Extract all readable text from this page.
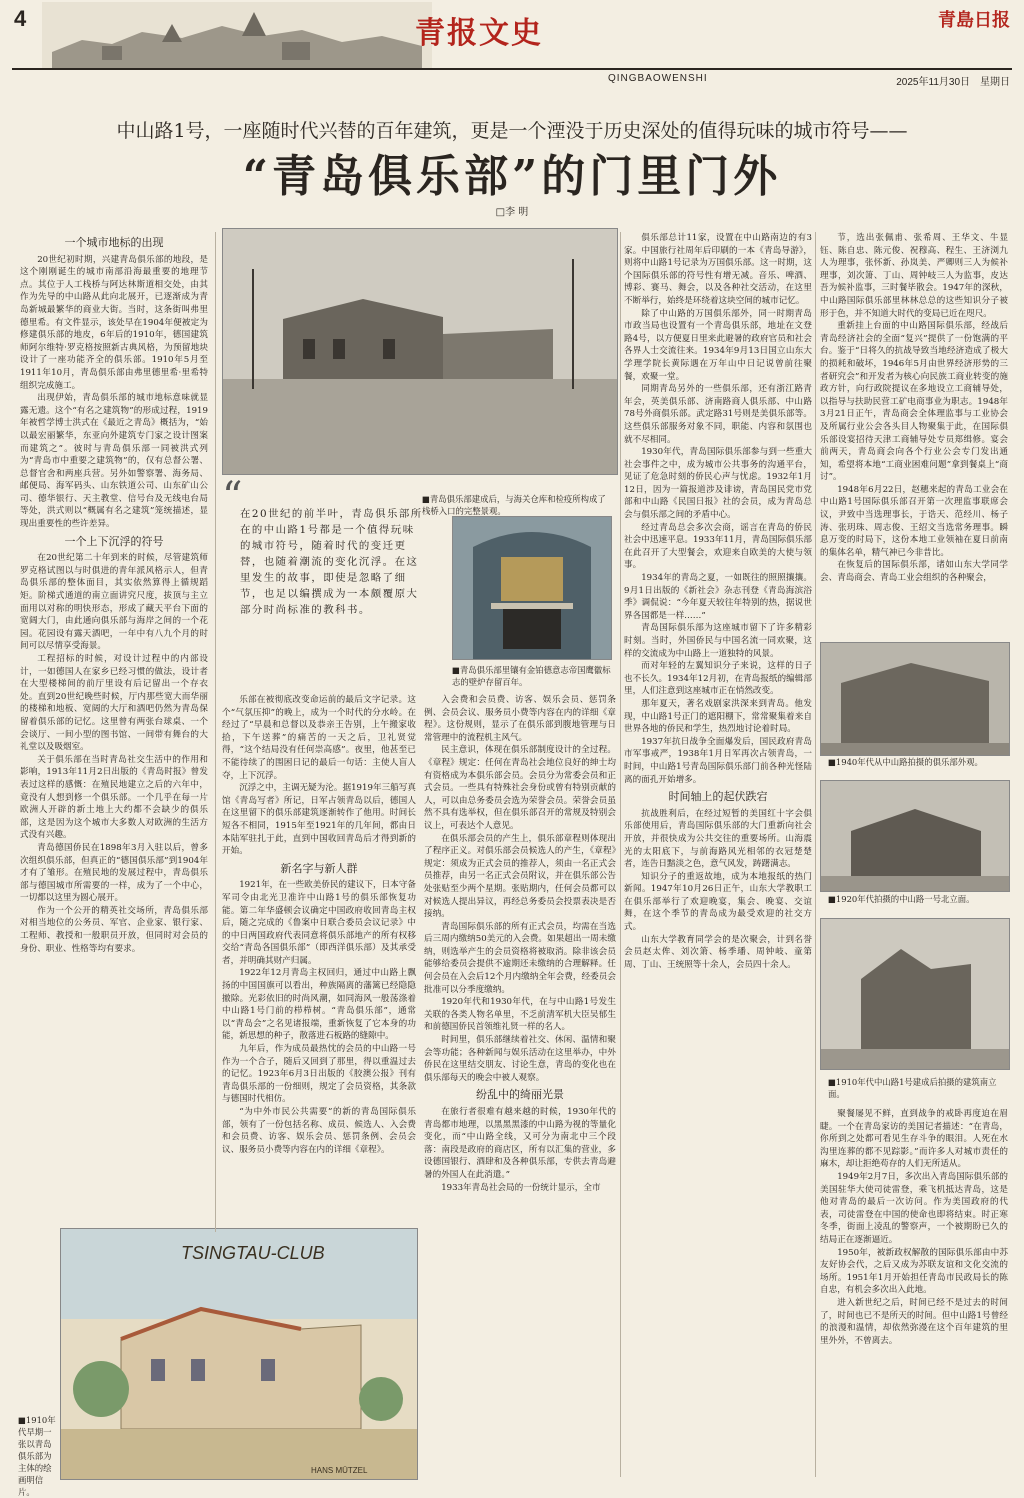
4	青报文史	青島日报
QINGBAOWENSHI	2025年11月30日　星期日
中山路1号，一座随时代兴替的百年建筑，更是一个湮没于历史深处的值得玩味的城市符号——
“青岛俱乐部”的门里门外
□李 明
一个城市地标的出现

20世纪初时期，兴建青岛俱乐部的地段，是这个刚刚诞生的城市南部沿海最重要的地理节点。其位于人工栈桥与阿达林斯道相交处，由其作为先导的中山路从此向北展开，已逐渐成为青岛新城最繁华的商业大街。当时，这条街叫弗里德里希。有文件显示，该处早在1904年便被定为修建俱乐部的地皮，6年后的1910年，德国建筑师阿尔维特·罗克格按照新古典风格，为预留地块设计了一座功能齐全的俱乐部。1910年5月至1911年10月，青岛俱乐部由弗里德里希·里希特组织完成施工。

出现伊始，青岛俱乐部的城市地标意味就显露无遗。这个“有名之建筑物”的形成过程，1919年被哲学博士洪式在《最近之青岛》概括为，“始以最宏丽繁华，东亚向外建筑专门家之设计图案而建筑之”。彼时与青岛俱乐部一同被洪式列为“青岛市中重要之建筑物”的，仅有总督公署、总督官舍和两座兵营。另外如警察署、海务局、邮便局、海军码头、山东铁道公司、山东矿山公司、德华银行、天主教堂、信号台及无线电台局等处，洪式则以“概属有名之建筑”笼统描述，显现出重要性的些许差异。

一个上下沉浮的符号

在20世纪第二十年到来的时候，尽管建筑师罗克格试图以与时俱进的青年派风格示人，但青岛俱乐部的整体面目，其实依然算得上循规蹈矩。阶梯式通道的南立面讲究尺度，拔顶与主立面用以对称的明快形态，形成了藏天平台下面的宽阔大门，由此通向俱乐部与海岸之间的一个花园。花园设有露天酒吧，一年中有八九个月的时间可以尽情享受海景。

工程招标的时候，对设计过程中的内部设计，一如德国人在家乡已经习惯的做法，设计者在大型楼梯间的前厅里设有后记留出一个存衣处。直到20世纪晚些时候，厅内那些宽大而华丽的楼梯和地板、宽阔的大厅和酒吧仍然为青岛保留着俱乐部的记忆。这里曾有两张台球桌、一个会谈厅、一间小型的图书馆、一间带有舞台的大礼堂以及吸烟室。

关于俱乐部在当时青岛社交生活中的作用和影响，1913年11月2日出版的《青岛时报》曾发表过这样的感慨：在殖民地建立之后的六年中，竟没有人想到修一个俱乐部。一个几乎在每一片欧洲人开辟的新土地上大约都不会缺少的俱乐部，这是因为这个城市大多数人对欧洲的生活方式没有兴趣。

青岛德国侨民在1898年3月入驻以后，曾多次组织俱乐部，但真正的“德国俱乐部”到1904年才有了雏形。在殖民地的发展过程中，青岛俱乐部与德国城市所需要的一样，成为了一个中心，一切都以这里为圆心展开。

作为一个公开的精英社交场所，青岛俱乐部对相当地位的公务员、军官、企业家、银行家、工程师、教授和一般职员开放，但同时对会员的身份、职业、性格等均有要求。

■青岛俱乐部建成后，与海关仓库和检疫所构成了栈桥入口的完整景观。
“
在20世纪的前半叶，青岛俱乐部所在的中山路1号都是一个值得玩味的城市符号，随着时代的变迁更替，也随着潮流的变化沉浮。在这里发生的故事，即使是忽略了细节，也足以编撰成为一本颇覆原大部分时尚标准的教科书。
■青岛俱乐部里镶有金铂德意志帝国鹰徽标志的壁炉存留百年。

乐部在被彻底改变命运前的最后文字记录。这个“气氛压抑”的晚上，成为一个时代的分水岭。在经过了“早晨和总督以及恭亲王告别，上午搬家收拾，下午送葬”的痛苦的一天之后，卫礼贤觉得，“这个结局没有任何崇高感”。夜里，他甚至已不能待续了的围困日记的最后一句话：主使人盲人夺，上下沉浮。

沉浮之中，主调无疑为沦。据1919年三船写真馆《青岛写者》所记，日军占领青岛以后，德国人在这里留下的俱乐部建筑逐渐转作了他用。时间长短各不相同，1915年至1921年的几年间，都由日本陆军驻扎于此，直到中国收回青岛后才得到新的开始。

新名字与新人群

1921年，在一些欧美侨民的建议下，日本守备军司令由北光卫准许中山路1号的俱乐部恢复功能。第二年华盛顿会议确定中国政府收回青岛主权后，随之完成的《鲁案中日联合委员会议记录》中的中日两国政府代表同意将俱乐部地产的所有权移交给“青岛各国俱乐部”（即西洋俱乐部）及其承受者，并明确其财产归属。

1922年12月青岛主权回归，通过中山路上飘扬的中国国旗可以看出，种族隔离的藩篱已经隐隐撤除。光彩依旧的时尚风潮，如同海风一般荡涤着中山路1号门前的栉栉树。“青岛俱乐部”，通常以“青岛会”之名见诸报端，重新恢复了它本身的功能，新思想的种子，散落进石板路的缝隙中。

九年后，作为成员最热忱的会员的中山路一号作为一个合子，随后又回到了那里，得以重温过去的记忆。1923年6月3日出版的《胶澳公报》刊有青岛俱乐部的一份细则，规定了会员资格，其条款与德国时代相仿。

“为中外市民公共需要”的新的青岛国际俱乐部，领有了一份包括名称、成员、候选人、入会费和会员费、访客、娱乐会员、惩罚条例、会员会议、服务员小费等内容在内的详细《章程》。

入会费和会员费、访客、娱乐会员、惩罚条例、会员会议、服务员小费等内容在内的详细《章程》。这份规则，显示了在俱乐部到腹地管理与日常管理中的流程机主风气。

民主意识，体现在俱乐部制度设计的全过程。《章程》规定：任何在青岛社会地位良好的绅士均有资格成为本俱乐部会员。会员分为常委会员和正式会员。一些具有特殊社会身份或曾有特别贡献的人，可以由总务委员会选为荣誉会员。荣誉会员虽然不具有选举权，但在俱乐部召开的常规及特别会议上，可表达个人意见。

在俱乐部会员的产生上，俱乐部章程则体现出了程序正义。对俱乐部会员候选人的产生，《章程》规定：须成为正式会员的推荐人，须由一名正式会员推荐，由另一名正式会员附议，并在俱乐部公告处张贴至少两个星期。张贴期内，任何会员都可以对候选人提出异议，再经总务委员会投票表决是否接纳。

青岛国际俱乐部的所有正式会员，均需在当选后三周内缴纳50美元的入会费。如果超出一周未缴纳，则选举产生的会员资格将被取消。除非该会员能够给委员会提供不逾期还未缴纳的合理解释。任何会员在入会后12个月内缴纳全年会费，经委员会批准可以分季度缴纳。

1920年代和1930年代，在与中山路1号发生关联的各类人物名单里，不乏前清军机大臣吴郁生和前德国侨民首领维礼贤一样的名人。

时间里，俱乐部继续着社交、休闲、温情和聚会等功能；各种新闻与娱乐活动在这里举办，中外侨民在这里结交朋友、讨论生意，青岛的变化也在俱乐部每天的晚会中被人观察。

纷乱中的绮丽光景

在旅行者很难有越来越的时候，1930年代的青岛都市地理，以黑黑黑漆的中山路为视的等量化变化，而“中山路全线，又可分为南北中三个段落：南段是政府的商店区，所有以汇集的营业，多设德国银行、酒肆和及各种俱乐部，专供去青岛避暑的外国人在此消遣。”

1933年青岛社会局的一份统计显示，全市

TSINGTAU-CLUB
HANS MÜTZEL
■1910年代早期一张以青岛俱乐部为主体的绘画明信片。

俱乐部总计11家，设置在中山路南边的有3家。中国旅行社周年后印刷的一本《青岛导游》，则将中山路1号记录为万国俱乐部。这一时期，这个国际俱乐部的符号性有增无减。音乐、啤酒、博彩、赛马、舞会，以及各种社交活动，在这里不断举行，始终是环绕着这块空间的城市记忆。

除了中山路的万国俱乐部外，同一时期青岛市政当局也设置有一个青岛俱乐部，地址在文登路4号，以方便夏日里来此避暑的政府官员和社会各界人士交流往来。1934年9月13日国立山东大学理学院长黄际遇在万年山中日记说曾前往聚餐，欢聚一堂。

同期青岛另外的一些俱乐部，还有浙江路青年会，英美俱乐部、济南路商人俱乐部、中山路78号外商俱乐部。武定路31号则是美俱乐部等。这些俱乐部服务对象不同，职能、内容和氛围也就不尽相同。

1930年代，青岛国际俱乐部参与到一些重大社会事件之中，成为城市公共事务的沟通平台，见证了危急时刻的侨民心声与忧虑。1932年1月12日，因为一篇报道涉及诽谤，青岛国民党市党部和中山路《民国日报》社的会员，成为青岛总会与俱乐部之间的矛盾中心。

经过青岛总会多次会商，谣言在青岛的侨民社会中迅速平息。1933年11月，青岛国际俱乐部在此召开了大型餐会，欢迎来自欧美的大使与领事。

1934年的青岛之夏，一如既往的照照攘攘。9月1日出版的《新社会》杂志刊登《青岛海滨浴季》调侃说：“今年夏天较往年特别的热，据说世界各国都是一样……”

青岛国际俱乐部为这座城市留下了许多精彩时刻。当时，外国侨民与中国名流一同欢聚，这样的交流成为中山路上一道独特的风景。

而对年轻的左翼知识分子来说，这样的日子也不长久。1934年12月初，在青岛报纸的编辑部里，人们注意到这座城市正在悄然改变。

那年夏天，著名戏剧家洪深来到青岛。他发现，中山路1号正门的遮阳棚下，常常聚集着来自世界各地的侨民和学生，热烈地讨论着时局。

1937年抗日战争全面爆发后，国民政府青岛市军事戒严，1938年1月日军再次占领青岛，一时间，中山路1号青岛国际俱乐部门前各种光怪陆离的面孔开始增多。

时间轴上的起伏跌宕

抗战胜利后，在经过短暂的美国红十字会俱乐部使用后，青岛国际俱乐部的大门重新向社会开放，并很快成为公共交往的重要场所。山海震光的太阳底下，与前海路风光相邻的衣冠楚楚者，连告日黯淡之色，意气风发，踌躇满志。

知识分子的重返故地，成为本地报纸的热门新闻。1947年10月26日正午，山东大学教职工在俱乐部举行了欢迎晚宴，集会、晚宴、交谊舞，在这个季节的青岛成为最受欢迎的社交方式。

山东大学教育同学会的是次聚会，计到名誉会员赵太侔、刘次箫、杨季璠、周钟岐、童第周、丁山、王统照等十余人，会员四十余人。

节，选出张佩甫、张希周、王华文、牛显钰、陈自忠、陈元俊、祝穆高、程生、王济浏九人为理事，张怀新、孙岚美、严卿则三人为候补理事，刘次箫、丁山、周钟岐三人为监事，皮达吾为候补监事，三时餐毕散会。1947年的深秋，中山路国际俱乐部里林林总总的这些知识分子被形于色，并不知道大时代的变局已近在咫尺。

重新挂上台面的中山路国际俱乐部，经战后青岛经济社会的全面“复兴”提供了一份饱满的平台。鉴于“日将久的抗战导致当地经济造成了极大的损耗和破坏，1946年5月由世界经济形势的三者研究会”和开发者为核心向民族工商业转变的施政方针，向行政院提议在多地设立工商辅导处，以指导与扶助民营工矿电商事业为职志。1948年3月21日正午，青岛商会全体理监事与工业协会及所属行业公会各头目人物聚集于此，在国际俱乐部设宴招待天津工商辅导处专员郑缉修。宴会前两天，青岛商会向各个行业公会专门发出通知，希望将本地“工商业困难问题”拿到餐桌上“商讨”。

1948年6月22日，赵穗来起的青岛工业会在中山路1号国际俱乐部召开第一次理监事联席会议，尹致中当选理事长，于诰天、范经川、杨子涛、张玥珠、周志俊、王绍文当选常务理事。瞬息万变的时局下，这份本地工业领袖在夏日前南的集体名单，精气神已今非昔比。

在恢复后的国际俱乐部，诸如山东大学同学会、青岛商会、青岛工业会组织的各种聚会，

■1940年代从中山路拍摄的俱乐部外观。
■1920年代拍摄的中山路一号北立面。
■1910年代中山路1号建成后拍摄的建筑南立面。

聚餐屡见不鲜，直到战争的戒卧再度迫在眉睫。一个在青岛家访的美国记者描述：“在青岛，你所到之处都可看见生存斗争的眼泪。人死在水沟里连葬的都不见踪影。”而许多人对城市责任的麻木，却让拒绝苟存的人们无所适从。

1949年2月7日，多次出入青岛国际俱乐部的美国驻华大使司徒雷登，乘飞机抵达青岛，这是他对青岛的最后一次访问。作为美国政府的代表，司徒雷登在中国的使命也即将结束。时正寒冬季，街面上凌乱的警察声，一个被期盼已久的结局正在逐渐逼近。

1950年，被新政权解散的国际俱乐部由中苏友好协会代，之后又成为苏联友谊和文化交流的场所。1951年1月开始担任青岛市民政局长的陈自忠，有机会多次出入此地。

进入新世纪之后，时间已经不是过去的时间了，时间也已不是所天的时间。但中山路1号曾经的浪漫和温情，却依然弥漫在这个百年建筑的里里外外，不曾离去。
